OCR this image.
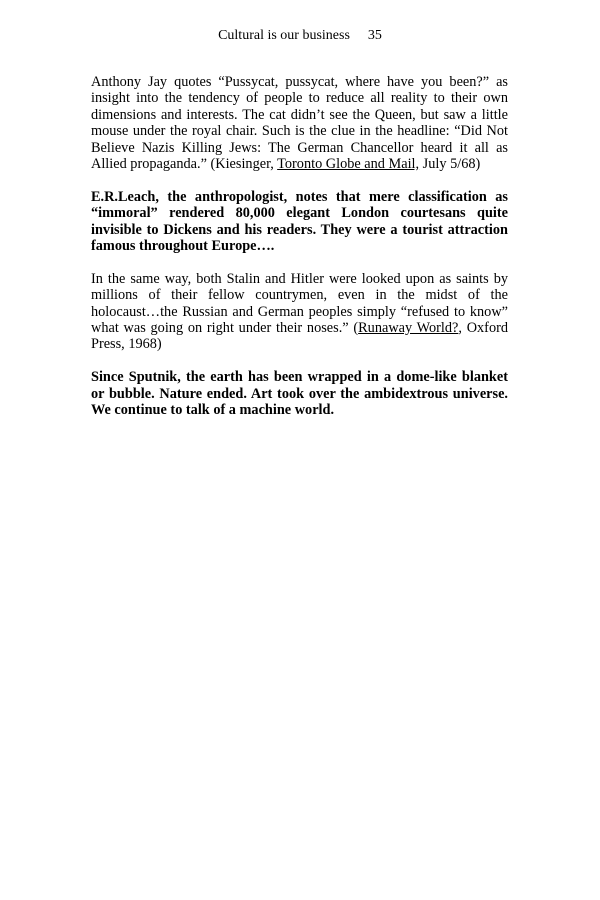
Cultural is our business 35

Anthony Jay quotes “Pussycat, pussycat, where have you been?” as insight into the tendency of people to reduce all reality to their own dimensions and interests. The cat didn’t see the Queen, but saw a little mouse under the royal chair. Such is the clue in the headline: “Did Not Believe Nazis Killing Jews: The German Chancellor heard it all as Allied propaganda.” (Kiesinger, Toronto Globe and Mail, July 5/68)

E.R.Leach, the anthropologist, notes that mere classification as “immoral” rendered 80,000 elegant London courtesans quite invisible to Dickens and his readers. They were a tourist attraction famous throughout Europe….

In the same way, both Stalin and Hitler were looked upon as saints by millions of their fellow countrymen, even in the midst of the holocaust…the Russian and German peoples simply “refused to know” what was going on right under their noses.” (Runaway World?, Oxford Press, 1968)

Since Sputnik, the earth has been wrapped in a dome-like blanket or bubble. Nature ended. Art took over the ambidextrous universe. We continue to talk of a machine world.
